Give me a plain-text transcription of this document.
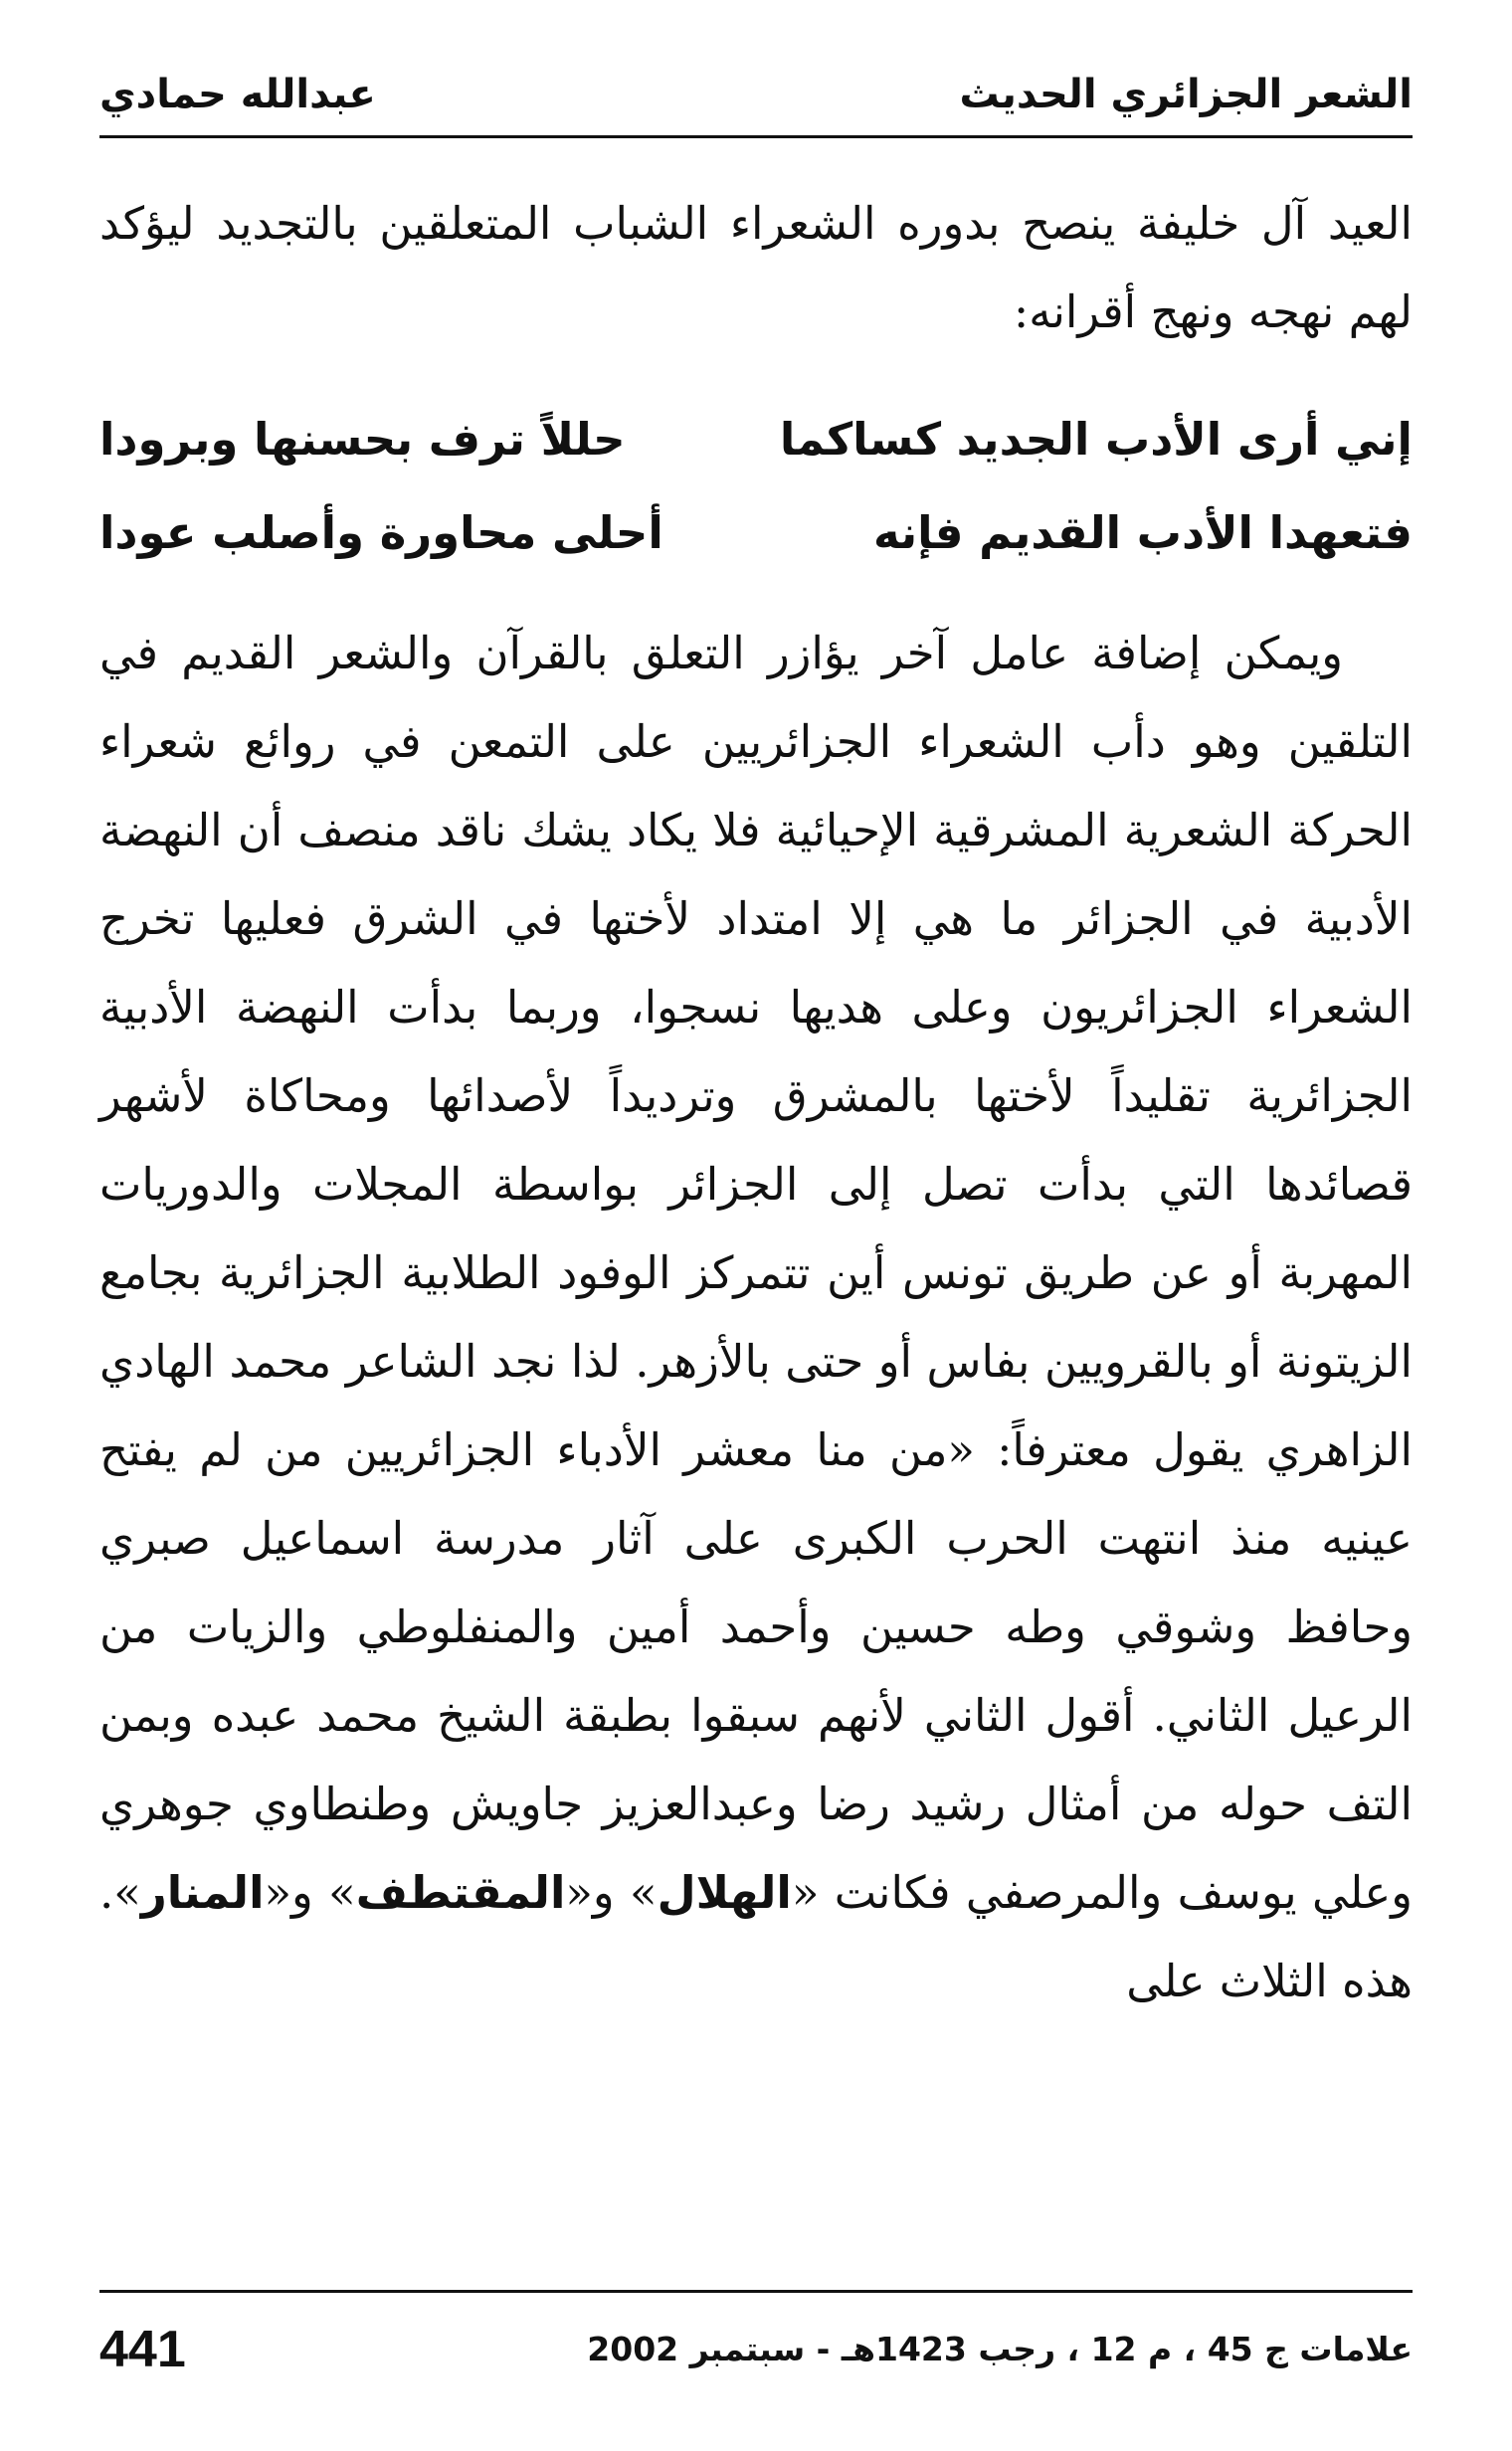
الشعر الجزائري الحديث
عبدالله حمادي

العيد آل خليفة ينصح بدوره الشعراء الشباب المتعلقين بالتجديد ليؤكد لهم نهجه ونهج أقرانه:

إني أرى الأدب الجديد كساكما
حللاً ترف بحسنها وبرودا
فتعهدا الأدب القديم فإنه
أحلى محاورة وأصلب عودا

ويمكن إضافة عامل آخر يؤازر التعلق بالقرآن والشعر القديم في التلقين وهو دأب الشعراء الجزائريين على التمعن في روائع شعراء الحركة الشعرية المشرقية الإحيائية فلا يكاد يشك ناقد منصف أن النهضة الأدبية في الجزائر ما هي إلا امتداد لأختها في الشرق فعليها تخرج الشعراء الجزائريون وعلى هديها نسجوا، وربما بدأت النهضة الأدبية الجزائرية تقليداً لأختها بالمشرق وترديداً لأصدائها ومحاكاة لأشهر قصائدها التي بدأت تصل إلى الجزائر بواسطة المجلات والدوريات المهربة أو عن طريق تونس أين تتمركز الوفود الطلابية الجزائرية بجامع الزيتونة أو بالقرويين بفاس أو حتى بالأزهر. لذا نجد الشاعر محمد الهادي الزاهري يقول معترفاً: «من منا معشر الأدباء الجزائريين من لم يفتح عينيه منذ انتهت الحرب الكبرى على آثار مدرسة اسماعيل صبري وحافظ وشوقي وطه حسين وأحمد أمين والمنفلوطي والزيات من الرعيل الثاني. أقول الثاني لأنهم سبقوا بطبقة الشيخ محمد عبده وبمن التف حوله من أمثال رشيد رضا وعبدالعزيز جاويش وطنطاوي جوهري وعلي يوسف والمرصفي فكانت «الهلال» و«المقتطف» و«المنار». هذه الثلاث على

علامات ج 45 ، م 12 ، رجب 1423هـ - سبتمبر 2002
441
